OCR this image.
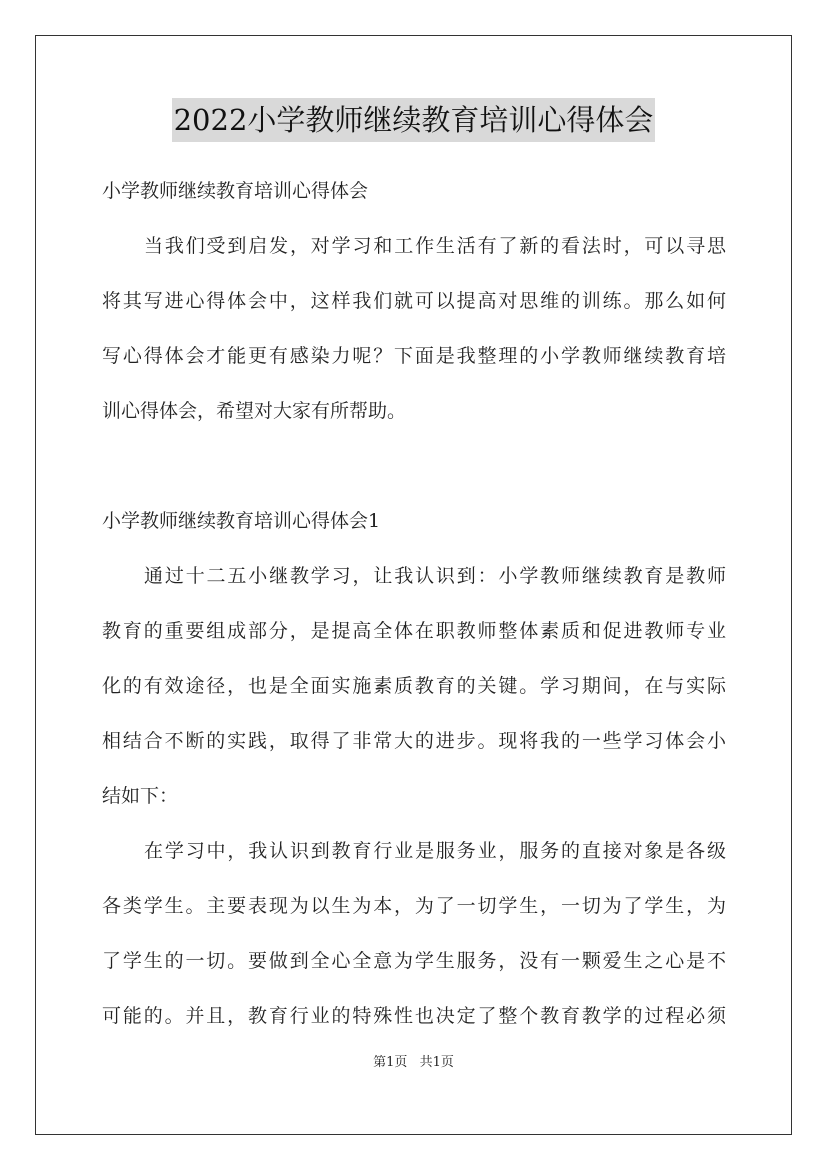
2022小学教师继续教育培训心得体会
小学教师继续教育培训心得体会
当我们受到启发，对学习和工作生活有了新的看法时，可以寻思
将其写进心得体会中，这样我们就可以提高对思维的训练。那么如何
写心得体会才能更有感染力呢？下面是我整理的小学教师继续教育培
训心得体会，希望对大家有所帮助。
小学教师继续教育培训心得体会1
通过十二五小继教学习，让我认识到：小学教师继续教育是教师
教育的重要组成部分，是提高全体在职教师整体素质和促进教师专业
化的有效途径，也是全面实施素质教育的关键。学习期间，在与实际
相结合不断的实践，取得了非常大的进步。现将我的一些学习体会小
结如下：
在学习中，我认识到教育行业是服务业，服务的直接对象是各级
各类学生。主要表现为以生为本，为了一切学生，一切为了学生，为
了学生的一切。要做到全心全意为学生服务，没有一颗爱生之心是不
可能的。并且，教育行业的特殊性也决定了整个教育教学的过程必须
第1页 共1页
